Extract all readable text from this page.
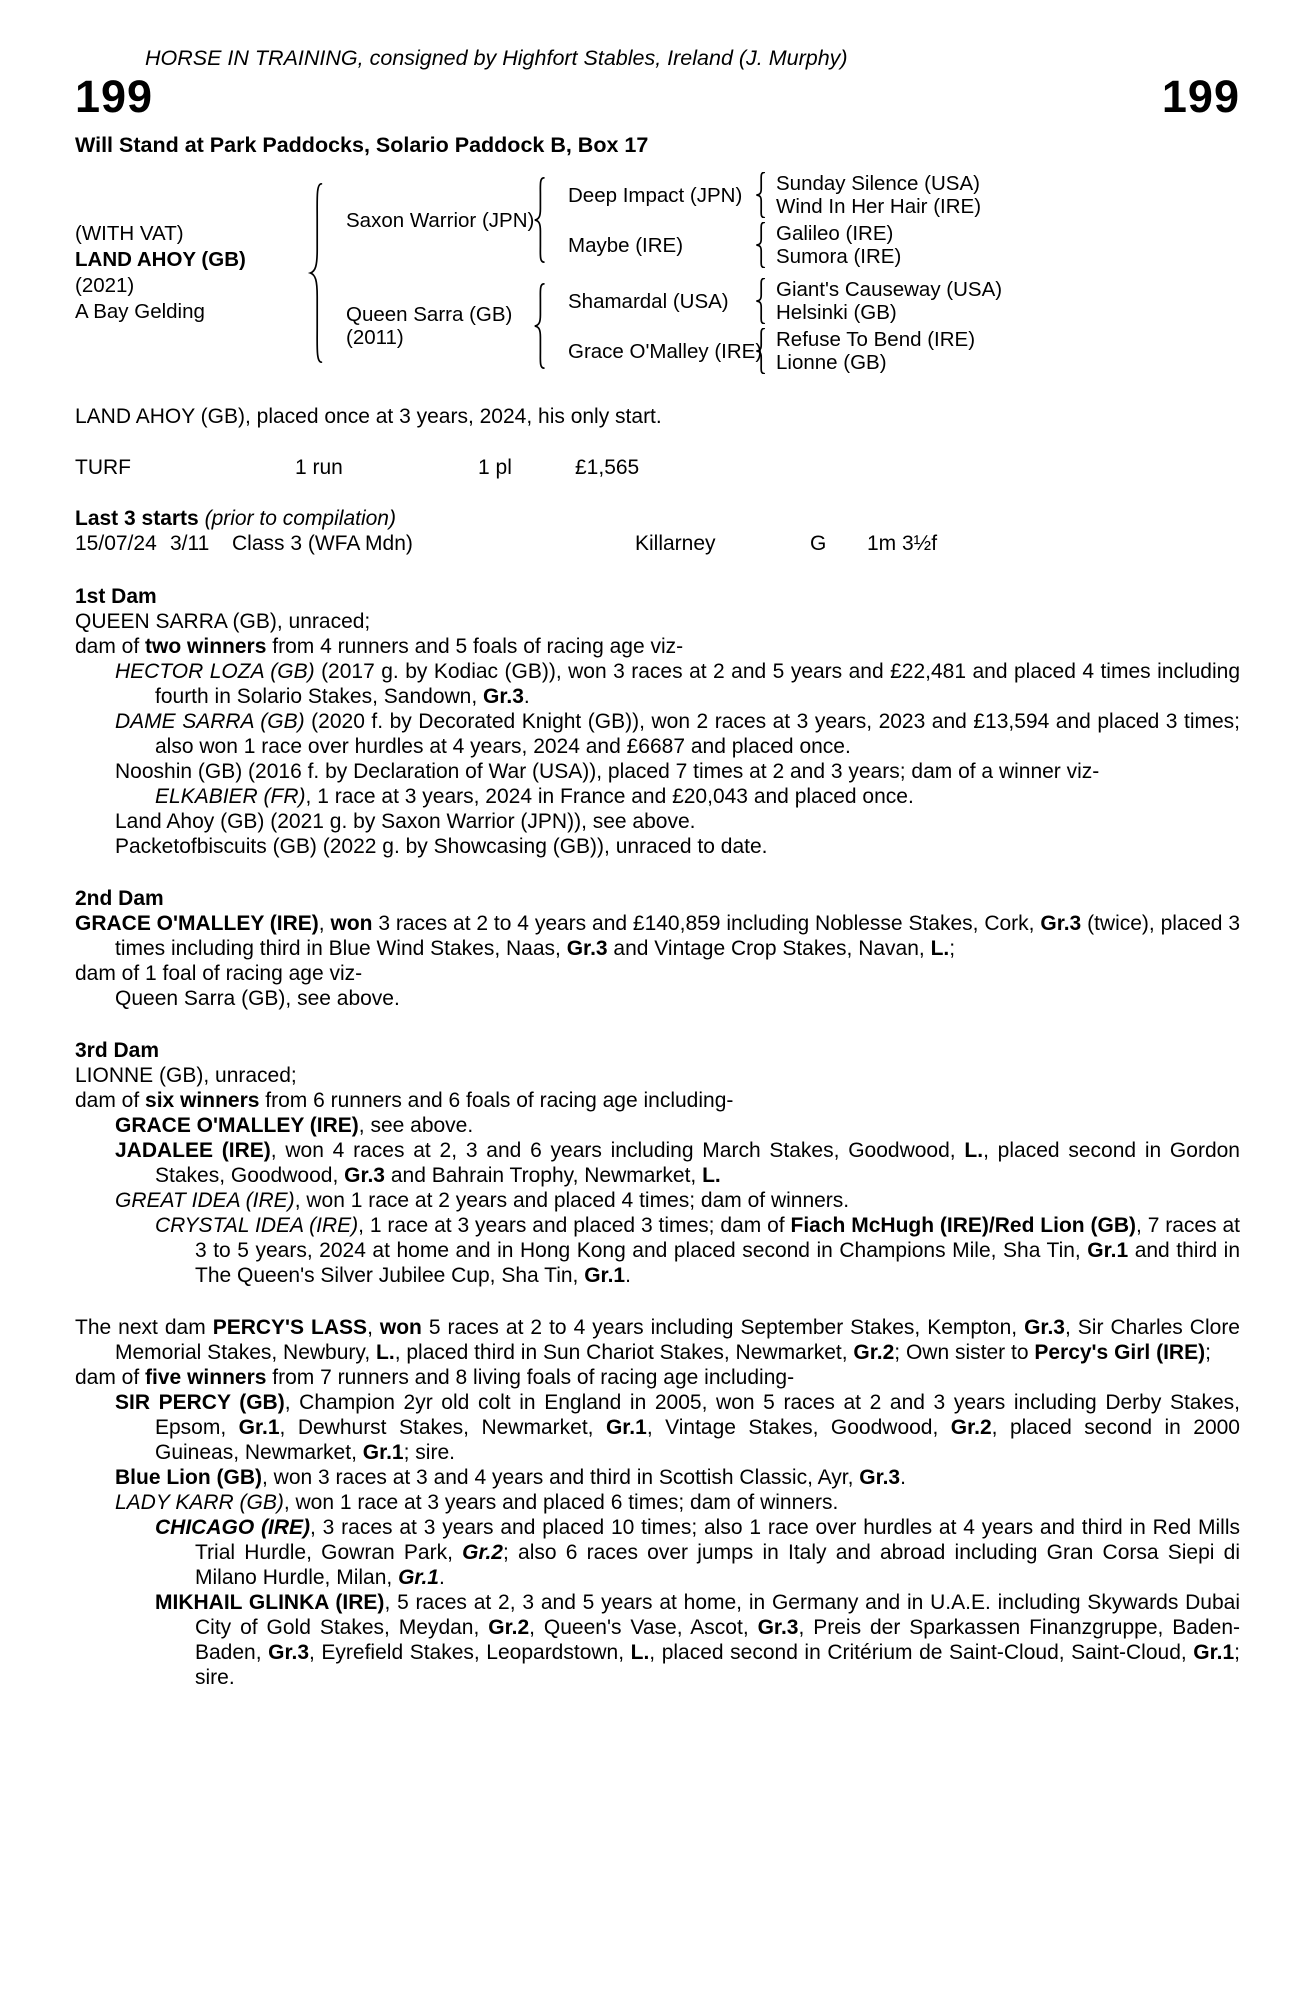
HORSE IN TRAINING, consigned by Highfort Stables, Ireland (J. Murphy)
199	199
Will Stand at Park Paddocks, Solario Paddock B, Box 17
(WITH VAT)
LAND AHOY (GB)
(2021)
A Bay Gelding
Saxon Warrior (JPN)
Deep Impact (JPN)	Sunday Silence (USA)
Wind In Her Hair (IRE)
Maybe (IRE)	Galileo (IRE)
Sumora (IRE)
Queen Sarra (GB)
(2011)
Shamardal (USA)	Giant's Causeway (USA)
Helsinki (GB)
Grace O'Malley (IRE) Refuse To Bend (IRE)
Lionne (GB)
LAND AHOY (GB), placed once at 3 years, 2024, his only start.
TURF	1 run	1 pl	£1,565
Last 3 starts (prior to compilation)
15/07/24 3/11	Class 3 (WFA Mdn)	Killarney	G	1m 3½f
1st Dam

QUEEN SARRA (GB), unraced;

dam of two winners from 4 runners and 5 foals of racing age viz-

HECTOR LOZA (GB) (2017 g. by Kodiac (GB)), won 3 races at 2 and 5 years and £22,481 and placed 4 times including fourth in Solario Stakes, Sandown, Gr.3.

DAME SARRA (GB) (2020 f. by Decorated Knight (GB)), won 2 races at 3 years, 2023 and £13,594 and placed 3 times; also won 1 race over hurdles at 4 years, 2024 and £6687 and placed once.

Nooshin (GB) (2016 f. by Declaration of War (USA)), placed 7 times at 2 and 3 years; dam of a winner viz-

ELKABIER (FR), 1 race at 3 years, 2024 in France and £20,043 and placed once.

Land Ahoy (GB) (2021 g. by Saxon Warrior (JPN)), see above.

Packetofbiscuits (GB) (2022 g. by Showcasing (GB)), unraced to date.

2nd Dam

GRACE O'MALLEY (IRE), won 3 races at 2 to 4 years and £140,859 including Noblesse Stakes, Cork, Gr.3 (twice), placed 3 times including third in Blue Wind Stakes, Naas, Gr.3 and Vintage Crop Stakes, Navan, L.;

dam of 1 foal of racing age viz-

Queen Sarra (GB), see above.

3rd Dam

LIONNE (GB), unraced;

dam of six winners from 6 runners and 6 foals of racing age including-

GRACE O'MALLEY (IRE), see above.

JADALEE (IRE), won 4 races at 2, 3 and 6 years including March Stakes, Goodwood, L., placed second in Gordon Stakes, Goodwood, Gr.3 and Bahrain Trophy, Newmarket, L.

GREAT IDEA (IRE), won 1 race at 2 years and placed 4 times; dam of winners.

CRYSTAL IDEA (IRE), 1 race at 3 years and placed 3 times; dam of Fiach McHugh (IRE)/Red Lion (GB), 7 races at 3 to 5 years, 2024 at home and in Hong Kong and placed second in Champions Mile, Sha Tin, Gr.1 and third in The Queen's Silver Jubilee Cup, Sha Tin, Gr.1.

The next dam PERCY'S LASS, won 5 races at 2 to 4 years including September Stakes, Kempton, Gr.3, Sir Charles Clore Memorial Stakes, Newbury, L., placed third in Sun Chariot Stakes, Newmarket, Gr.2; Own sister to Percy's Girl (IRE);

dam of five winners from 7 runners and 8 living foals of racing age including-

SIR PERCY (GB), Champion 2yr old colt in England in 2005, won 5 races at 2 and 3 years including Derby Stakes, Epsom, Gr.1, Dewhurst Stakes, Newmarket, Gr.1, Vintage Stakes, Goodwood, Gr.2, placed second in 2000 Guineas, Newmarket, Gr.1; sire.

Blue Lion (GB), won 3 races at 3 and 4 years and third in Scottish Classic, Ayr, Gr.3.

LADY KARR (GB), won 1 race at 3 years and placed 6 times; dam of winners.

CHICAGO (IRE), 3 races at 3 years and placed 10 times; also 1 race over hurdles at 4 years and third in Red Mills Trial Hurdle, Gowran Park, Gr.2; also 6 races over jumps in Italy and abroad including Gran Corsa Siepi di Milano Hurdle, Milan, Gr.1.

MIKHAIL GLINKA (IRE), 5 races at 2, 3 and 5 years at home, in Germany and in U.A.E. including Skywards Dubai City of Gold Stakes, Meydan, Gr.2, Queen's Vase, Ascot, Gr.3, Preis der Sparkassen Finanzgruppe, Baden-Baden, Gr.3, Eyrefield Stakes, Leopardstown, L., placed second in Critérium de Saint-Cloud, Saint-Cloud, Gr.1; sire.
